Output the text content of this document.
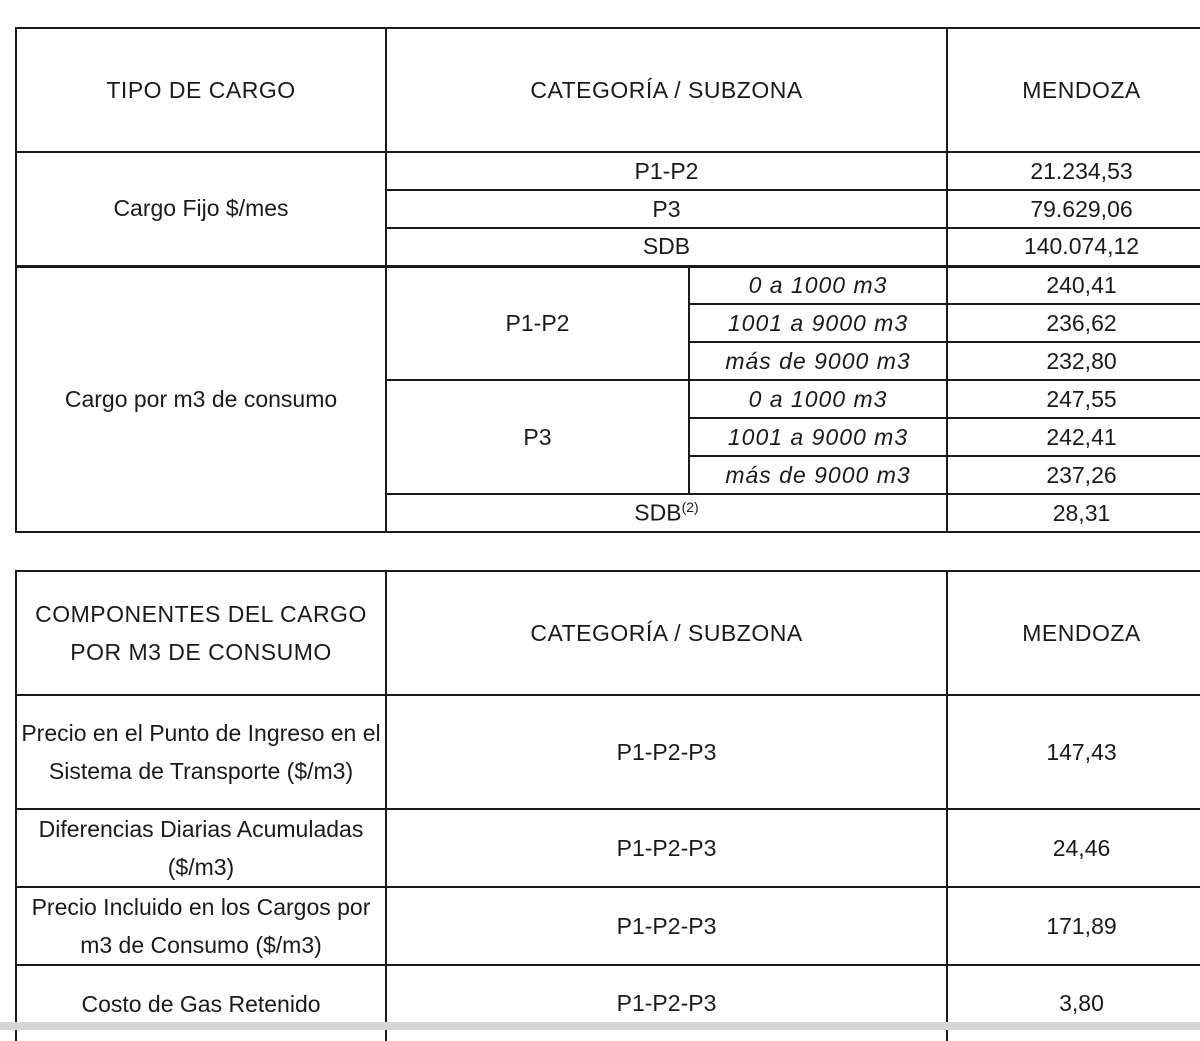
TIPO DE CARGO	CATEGORÍA / SUBZONA		MENDOZA
Cargo Fijo $/mes	P1-P2		21.234,53
	P3		79.629,06
	SDB		140.074,12
Cargo por m3 de consumo	P1-P2	0 a 1000 m3	240,41
		1001 a 9000 m3	236,62
		más de 9000 m3	232,80
	P3	0 a 1000 m3	247,55
		1001 a 9000 m3	242,41
		más de 9000 m3	237,26
	SDB$^{(2)}$		28,31
COMPONENTES DEL CARGO POR M3 DE CONSUMO	CATEGORÍA / SUBZONA	MENDOZA
Precio en el Punto de Ingreso en el Sistema de Transporte ($/m3)	P1-P2-P3	147,43
Diferencias Diarias Acumuladas ($/m3)	P1-P2-P3	24,46
Precio Incluido en los Cargos por m3 de Consumo ($/m3)	P1-P2-P3	171,89
Costo de Gas Retenido	P1-P2-P3	3,80
